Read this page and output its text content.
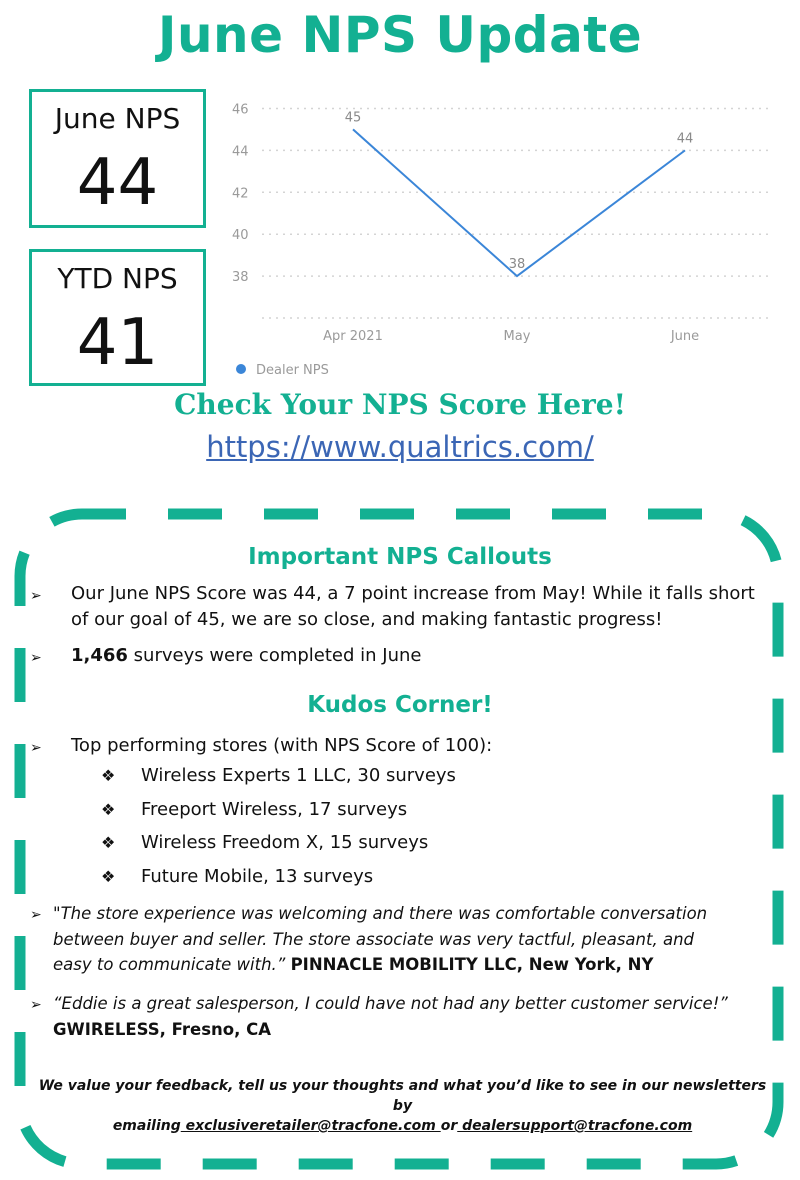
June NPS Update
June NPS
44
YTD NPS
41
38
40
42
44
46
Apr 2021	May	June
45
38
44
Dealer NPS
Check Your NPS Score Here!
https://www.qualtrics.com/
Important NPS Callouts
➢ Our June NPS Score was 44, a 7 point increase from May! While it falls short
of our goal of 45, we are so close, and making fantastic progress!
➢ 1,466 surveys were completed in June
Kudos Corner!
➢ Top performing stores (with NPS Score of 100):
❖ Wireless Experts 1 LLC, 30 surveys
❖ Freeport Wireless, 17 surveys
❖ Wireless Freedom X, 15 surveys
❖ Future Mobile, 13 surveys
➢ "The store experience was welcoming and there was comfortable conversation
between buyer and seller. The store associate was very tactful, pleasant, and
easy to communicate with.” PINNACLE MOBILITY LLC, New York, NY
➢ “Eddie is a great salesperson, I could have not had any better customer service!”
GWIRELESS, Fresno, CA
We value your feedback, tell us your thoughts and what you’d like to see in our newsletters by
emailing exclusiveretailer@tracfone.com or dealersupport@tracfone.com
